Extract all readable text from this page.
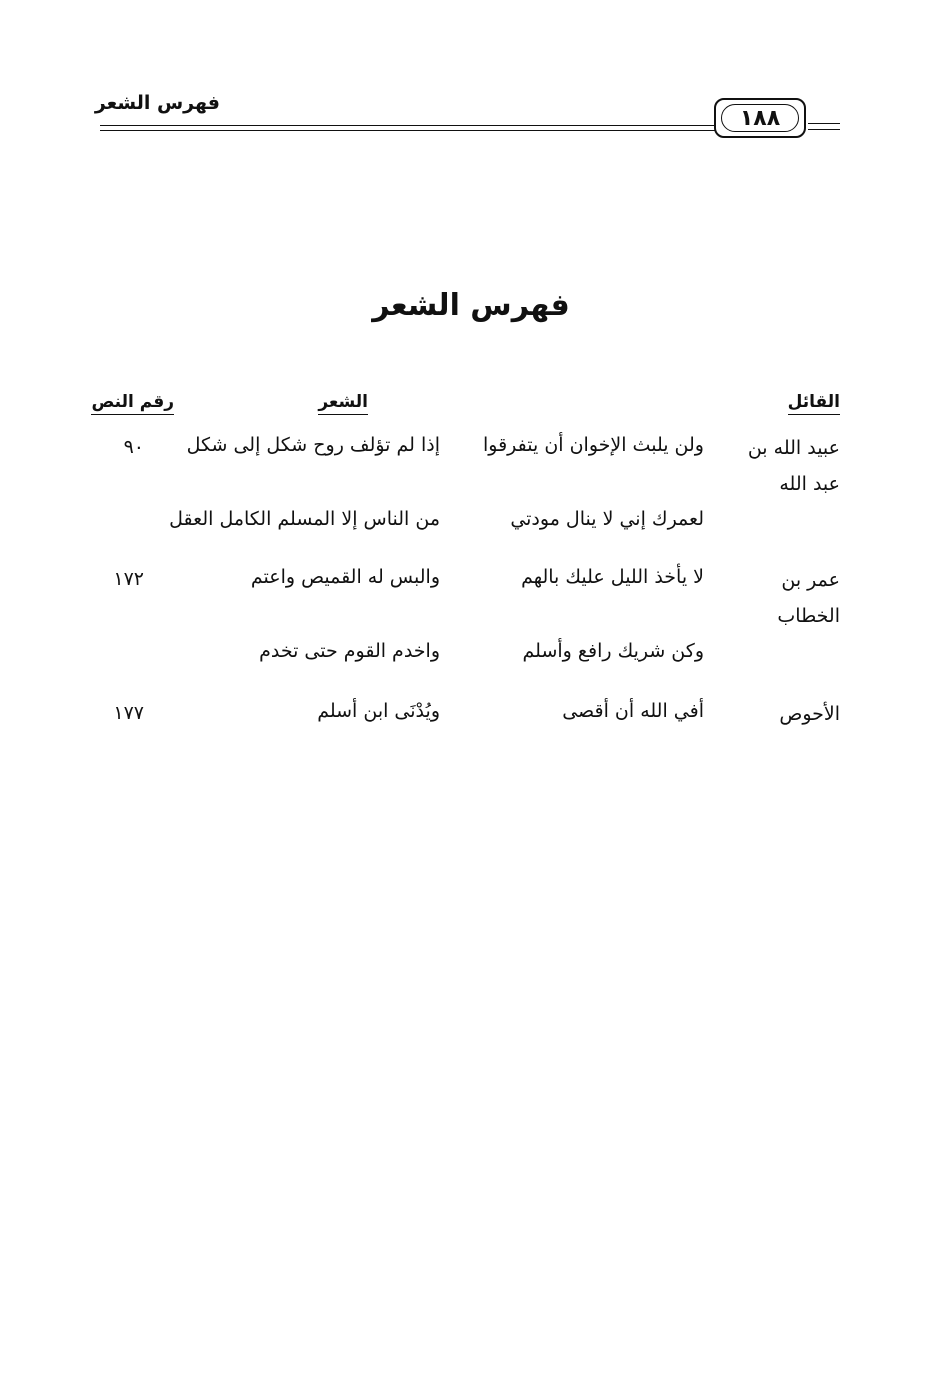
فهرس الشعر
١٨٨
فهرس الشعر
القائل
الشعر
رقم النص
عبيد الله بن عبد الله
ولن يلبث الإخوان أن يتفرقوا
إذا لم تؤلف روح شكل إلى شكل
٩٠
لعمرك إني لا ينال مودتي
من الناس إلا المسلم الكامل العقل
عمر بن الخطاب
لا يأخذ الليل عليك بالهم
والبس له القميص واعتم
١٧٢
وكن شريك رافع وأسلم
واخدم القوم حتى تخدم
الأحوص
أفي الله أن أقصى
ويُدْنَى ابن أسلم
١٧٧
